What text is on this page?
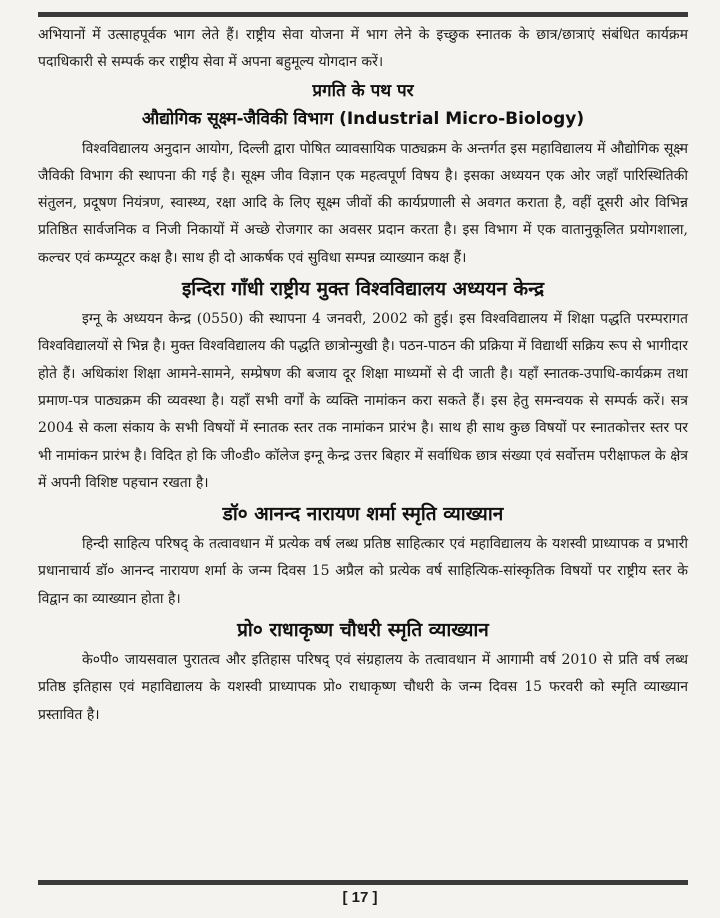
अभियानों में उत्साहपूर्वक भाग लेते हैं। राष्ट्रीय सेवा योजना में भाग लेने के इच्छुक स्नातक के छात्र/छात्राएं संबंधित कार्यक्रम पदाधिकारी से सम्पर्क कर राष्ट्रीय सेवा में अपना बहुमूल्य योगदान करें।

प्रगति के पथ पर
औद्योगिक सूक्ष्म-जैविकी विभाग (Industrial Micro-Biology)

विश्वविद्यालय अनुदान आयोग, दिल्ली द्वारा पोषित व्यावसायिक पाठ्यक्रम के अन्तर्गत इस महाविद्यालय में औद्योगिक सूक्ष्म जैविकी विभाग की स्थापना की गई है। सूक्ष्म जीव विज्ञान एक महत्वपूर्ण विषय है। इसका अध्ययन एक ओर जहाँ पारिस्थितिकी संतुलन, प्रदूषण नियंत्रण, स्वास्थ्य, रक्षा आदि के लिए सूक्ष्म जीवों की कार्यप्रणाली से अवगत कराता है, वहीं दूसरी ओर विभिन्न प्रतिष्ठित सार्वजनिक व निजी निकायों में अच्छे रोजगार का अवसर प्रदान करता है। इस विभाग में एक वातानुकूलित प्रयोगशाला, कल्चर एवं कम्प्यूटर कक्ष है। साथ ही दो आकर्षक एवं सुविधा सम्पन्न व्याख्यान कक्ष हैं।

इन्दिरा गाँधी राष्ट्रीय मुक्त विश्वविद्यालय अध्ययन केन्द्र

इग्नू के अध्ययन केन्द्र (0550) की स्थापना 4 जनवरी, 2002 को हुई। इस विश्वविद्यालय में शिक्षा पद्धति परम्परागत विश्वविद्यालयों से भिन्न है। मुक्त विश्वविद्यालय की पद्धति छात्रोन्मुखी है। पठन-पाठन की प्रक्रिया में विद्यार्थी सक्रिय रूप से भागीदार होते हैं। अधिकांश शिक्षा आमने-सामने, सम्प्रेषण की बजाय दूर शिक्षा माध्यमों से दी जाती है। यहाँ स्नातक-उपाधि-कार्यक्रम तथा प्रमाण-पत्र पाठ्यक्रम की व्यवस्था है। यहाँ सभी वर्गों के व्यक्ति नामांकन करा सकते हैं। इस हेतु समन्वयक से सम्पर्क करें। सत्र 2004 से कला संकाय के सभी विषयों में स्नातक स्तर तक नामांकन प्रारंभ है। साथ ही साथ कुछ विषयों पर स्नातकोत्तर स्तर पर भी नामांकन प्रारंभ है। विदित हो कि जी०डी० कॉलेज इग्नू केन्द्र उत्तर बिहार में सर्वाधिक छात्र संख्या एवं सर्वोत्तम परीक्षाफल के क्षेत्र में अपनी विशिष्ट पहचान रखता है।

डॉ० आनन्द नारायण शर्मा स्मृति व्याख्यान

हिन्दी साहित्य परिषद् के तत्वावधान में प्रत्येक वर्ष लब्ध प्रतिष्ठ साहित्कार एवं महाविद्यालय के यशस्वी प्राध्यापक व प्रभारी प्रधानाचार्य डॉ० आनन्द नारायण शर्मा के जन्म दिवस 15 अप्रैल को प्रत्येक वर्ष साहित्यिक-सांस्कृतिक विषयों पर राष्ट्रीय स्तर के विद्वान का व्याख्यान होता है।

प्रो० राधाकृष्ण चौधरी स्मृति व्याख्यान

के०पी० जायसवाल पुरातत्व और इतिहास परिषद् एवं संग्रहालय के तत्वावधान में आगामी वर्ष 2010 से प्रति वर्ष लब्ध प्रतिष्ठ इतिहास एवं महाविद्यालय के यशस्वी प्राध्यापक प्रो० राधाकृष्ण चौधरी के जन्म दिवस 15 फरवरी को स्मृति व्याख्यान प्रस्तावित है।

[ 17 ]
